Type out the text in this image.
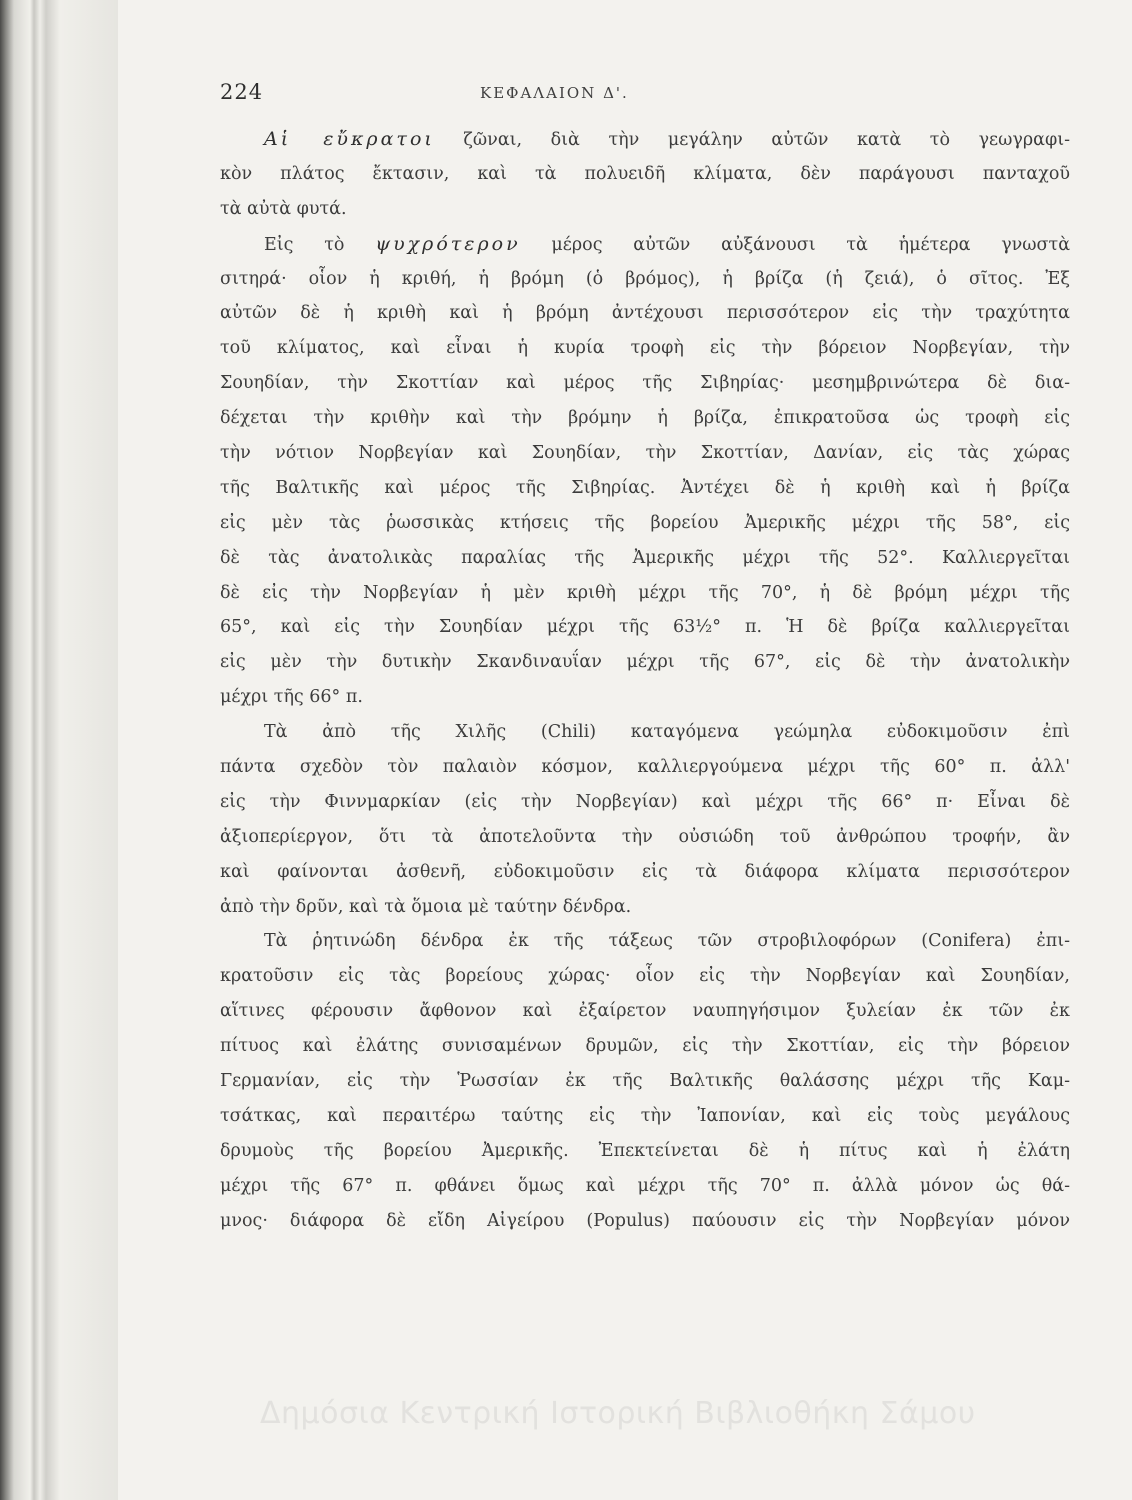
224	ΚΕΦΑΛΑΙΟΝ Δ'.
Αἱ εὔκρατοι ζῶναι, διὰ τὴν μεγάλην αὐτῶν κατὰ τὸ γεωγραφι-
κὸν πλάτος ἔκτασιν, καὶ τὰ πολυειδῆ κλίματα, δὲν παράγουσι πανταχοῦ
τὰ αὐτὰ φυτά.
Εἰς τὸ ψυχρότερον μέρος αὐτῶν αὐξάνουσι τὰ ἡμέτερα γνωστὰ
σιτηρά· οἷον ἡ κριθή, ἡ βρόμη (ὁ βρόμος), ἡ βρίζα (ἡ ζειά), ὁ σῖτος. Ἐξ
αὐτῶν δὲ ἡ κριθὴ καὶ ἡ βρόμη ἀντέχουσι περισσότερον εἰς τὴν τραχύτητα
τοῦ κλίματος, καὶ εἶναι ἡ κυρία τροφὴ εἰς τὴν βόρειον Νορβεγίαν, τὴν
Σουηδίαν, τὴν Σκοττίαν καὶ μέρος τῆς Σιβηρίας· μεσημβρινώτερα δὲ δια-
δέχεται τὴν κριθὴν καὶ τὴν βρόμην ἡ βρίζα, ἐπικρατοῦσα ὡς τροφὴ εἰς
τὴν νότιον Νορβεγίαν καὶ Σουηδίαν, τὴν Σκοττίαν, Δανίαν, εἰς τὰς χώρας
τῆς Βαλτικῆς καὶ μέρος τῆς Σιβηρίας. Ἀντέχει δὲ ἡ κριθὴ καὶ ἡ βρίζα
εἰς μὲν τὰς ῥωσσικὰς κτήσεις τῆς βορείου Ἀμερικῆς μέχρι τῆς 58°, εἰς
δὲ τὰς ἀνατολικὰς παραλίας τῆς Ἀμερικῆς μέχρι τῆς 52°. Καλλιεργεῖται
δὲ εἰς τὴν Νορβεγίαν ἡ μὲν κριθὴ μέχρι τῆς 70°, ἡ δὲ βρόμη μέχρι τῆς
65°, καὶ εἰς τὴν Σουηδίαν μέχρι τῆς 63½° π. Ἡ δὲ βρίζα καλλιεργεῖται
εἰς μὲν τὴν δυτικὴν Σκανδιναυΐαν μέχρι τῆς 67°, εἰς δὲ τὴν ἀνατολικὴν
μέχρι τῆς 66° π.
Τὰ ἀπὸ τῆς Χιλῆς (Chili) καταγόμενα γεώμηλα εὐδοκιμοῦσιν ἐπὶ
πάντα σχεδὸν τὸν παλαιὸν κόσμον, καλλιεργούμενα μέχρι τῆς 60° π. ἀλλ'
εἰς τὴν Φιννμαρκίαν (εἰς τὴν Νορβεγίαν) καὶ μέχρι τῆς 66° π· Εἶναι δὲ
ἀξιοπερίεργον, ὅτι τὰ ἀποτελοῦντα τὴν οὐσιώδη τοῦ ἀνθρώπου τροφήν, ἂν
καὶ φαίνονται ἀσθενῆ, εὐδοκιμοῦσιν εἰς τὰ διάφορα κλίματα περισσότερον
ἀπὸ τὴν δρῦν, καὶ τὰ ὅμοια μὲ ταύτην δένδρα.
Τὰ ῥητινώδη δένδρα ἐκ τῆς τάξεως τῶν στροβιλοφόρων (Conifera) ἐπι-
κρατοῦσιν εἰς τὰς βορείους χώρας· οἷον εἰς τὴν Νορβεγίαν καὶ Σουηδίαν,
αἵτινες φέρουσιν ἄφθονον καὶ ἐξαίρετον ναυπηγήσιμον ξυλείαν ἐκ τῶν ἐκ
πίτυος καὶ ἐλάτης συνισαμένων δρυμῶν, εἰς τὴν Σκοττίαν, εἰς τὴν βόρειον
Γερμανίαν, εἰς τὴν Ῥωσσίαν ἐκ τῆς Βαλτικῆς θαλάσσης μέχρι τῆς Καμ-
τσάτκας, καὶ περαιτέρω ταύτης εἰς τὴν Ἰαπονίαν, καὶ εἰς τοὺς μεγάλους
δρυμοὺς τῆς βορείου Ἀμερικῆς. Ἐπεκτείνεται δὲ ἡ πίτυς καὶ ἡ ἐλάτη
μέχρι τῆς 67° π. φθάνει ὅμως καὶ μέχρι τῆς 70° π. ἀλλὰ μόνον ὡς θά-
μνος· διάφορα δὲ εἴδη Αἰγείρου (Populus) παύουσιν εἰς τὴν Νορβεγίαν μόνον
Δημόσια Κεντρική Ιστορική Βιβλιοθήκη Σάμου
